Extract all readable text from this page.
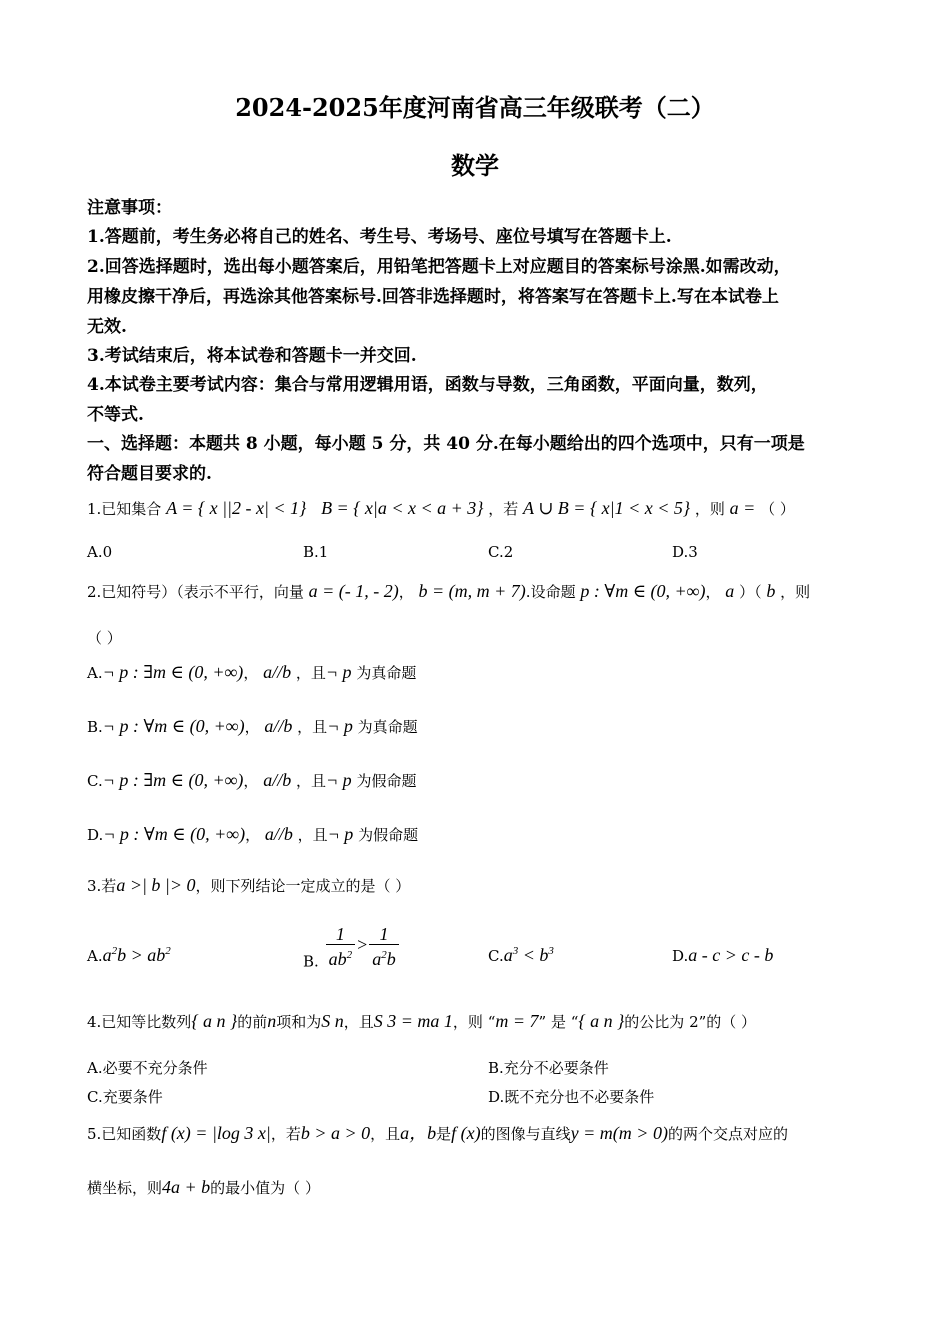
2024-2025年度河南省高三年级联考（二）
数学
注意事项：
1.答题前，考生务必将自己的姓名、考生号、考场号、座位号填写在答题卡上.
2.回答选择题时，选出每小题答案后，用铅笔把答题卡上对应题目的答案标号涂黑.如需改动，
用橡皮擦干净后，再选涂其他答案标号.回答非选择题时，将答案写在答题卡上.写在本试卷上
无效.
3.考试结束后，将本试卷和答题卡一并交回.
4.本试卷主要考试内容：集合与常用逻辑用语，函数与导数，三角函数，平面向量，数列，
不等式.
一、选择题：本题共 8 小题，每小题 5 分，共 40 分.在每小题给出的四个选项中，只有一项是
符合题目要求的.
1.已知集合 A = { x ||2 - x| < 1} B = { x|a < x < a + 3} ，若 A ∪ B = { x|1 < x < 5} ，则 a = （ ）
A.0	B.1	C.2	D.3
2.已知符号）（表示不平行，向量 a = (- 1, - 2)， b = (m, m + 7).设命题 p : ∀m ∈ (0, +∞)， a ）（ b ，则
（ ）
A.¬ p : ∃m ∈ (0, +∞)， a//b ，且¬ p 为真命题
B.¬ p : ∀m ∈ (0, +∞)， a//b ，且¬ p 为真命题
C.¬ p : ∃m ∈ (0, +∞)， a//b ，且¬ p 为假命题
D.¬ p : ∀m ∈ (0, +∞)， a//b ，且¬ p 为假命题
3.若a >| b |> 0，则下列结论一定成立的是（ ）
$A.a^2b > ab^2$
B. $\frac{1}{ab^2} > \frac{1}{a^2b}$	$C.a^3 < b^3$	D.a - c > c - b
4.已知等比数列{ a n }的前n项和为S n，且S 3 = ma 1，则 “m = 7” 是 “{ a n }的公比为 2”的（ ）
A.必要不充分条件	B.充分不必要条件
C.充要条件	D.既不充分也不必要条件
5.已知函数f (x) = |log 3 x|，若b > a > 0，且a，b是f (x)的图像与直线y = m(m > 0)的两个交点对应的
横坐标，则4a + b的最小值为（ ）
